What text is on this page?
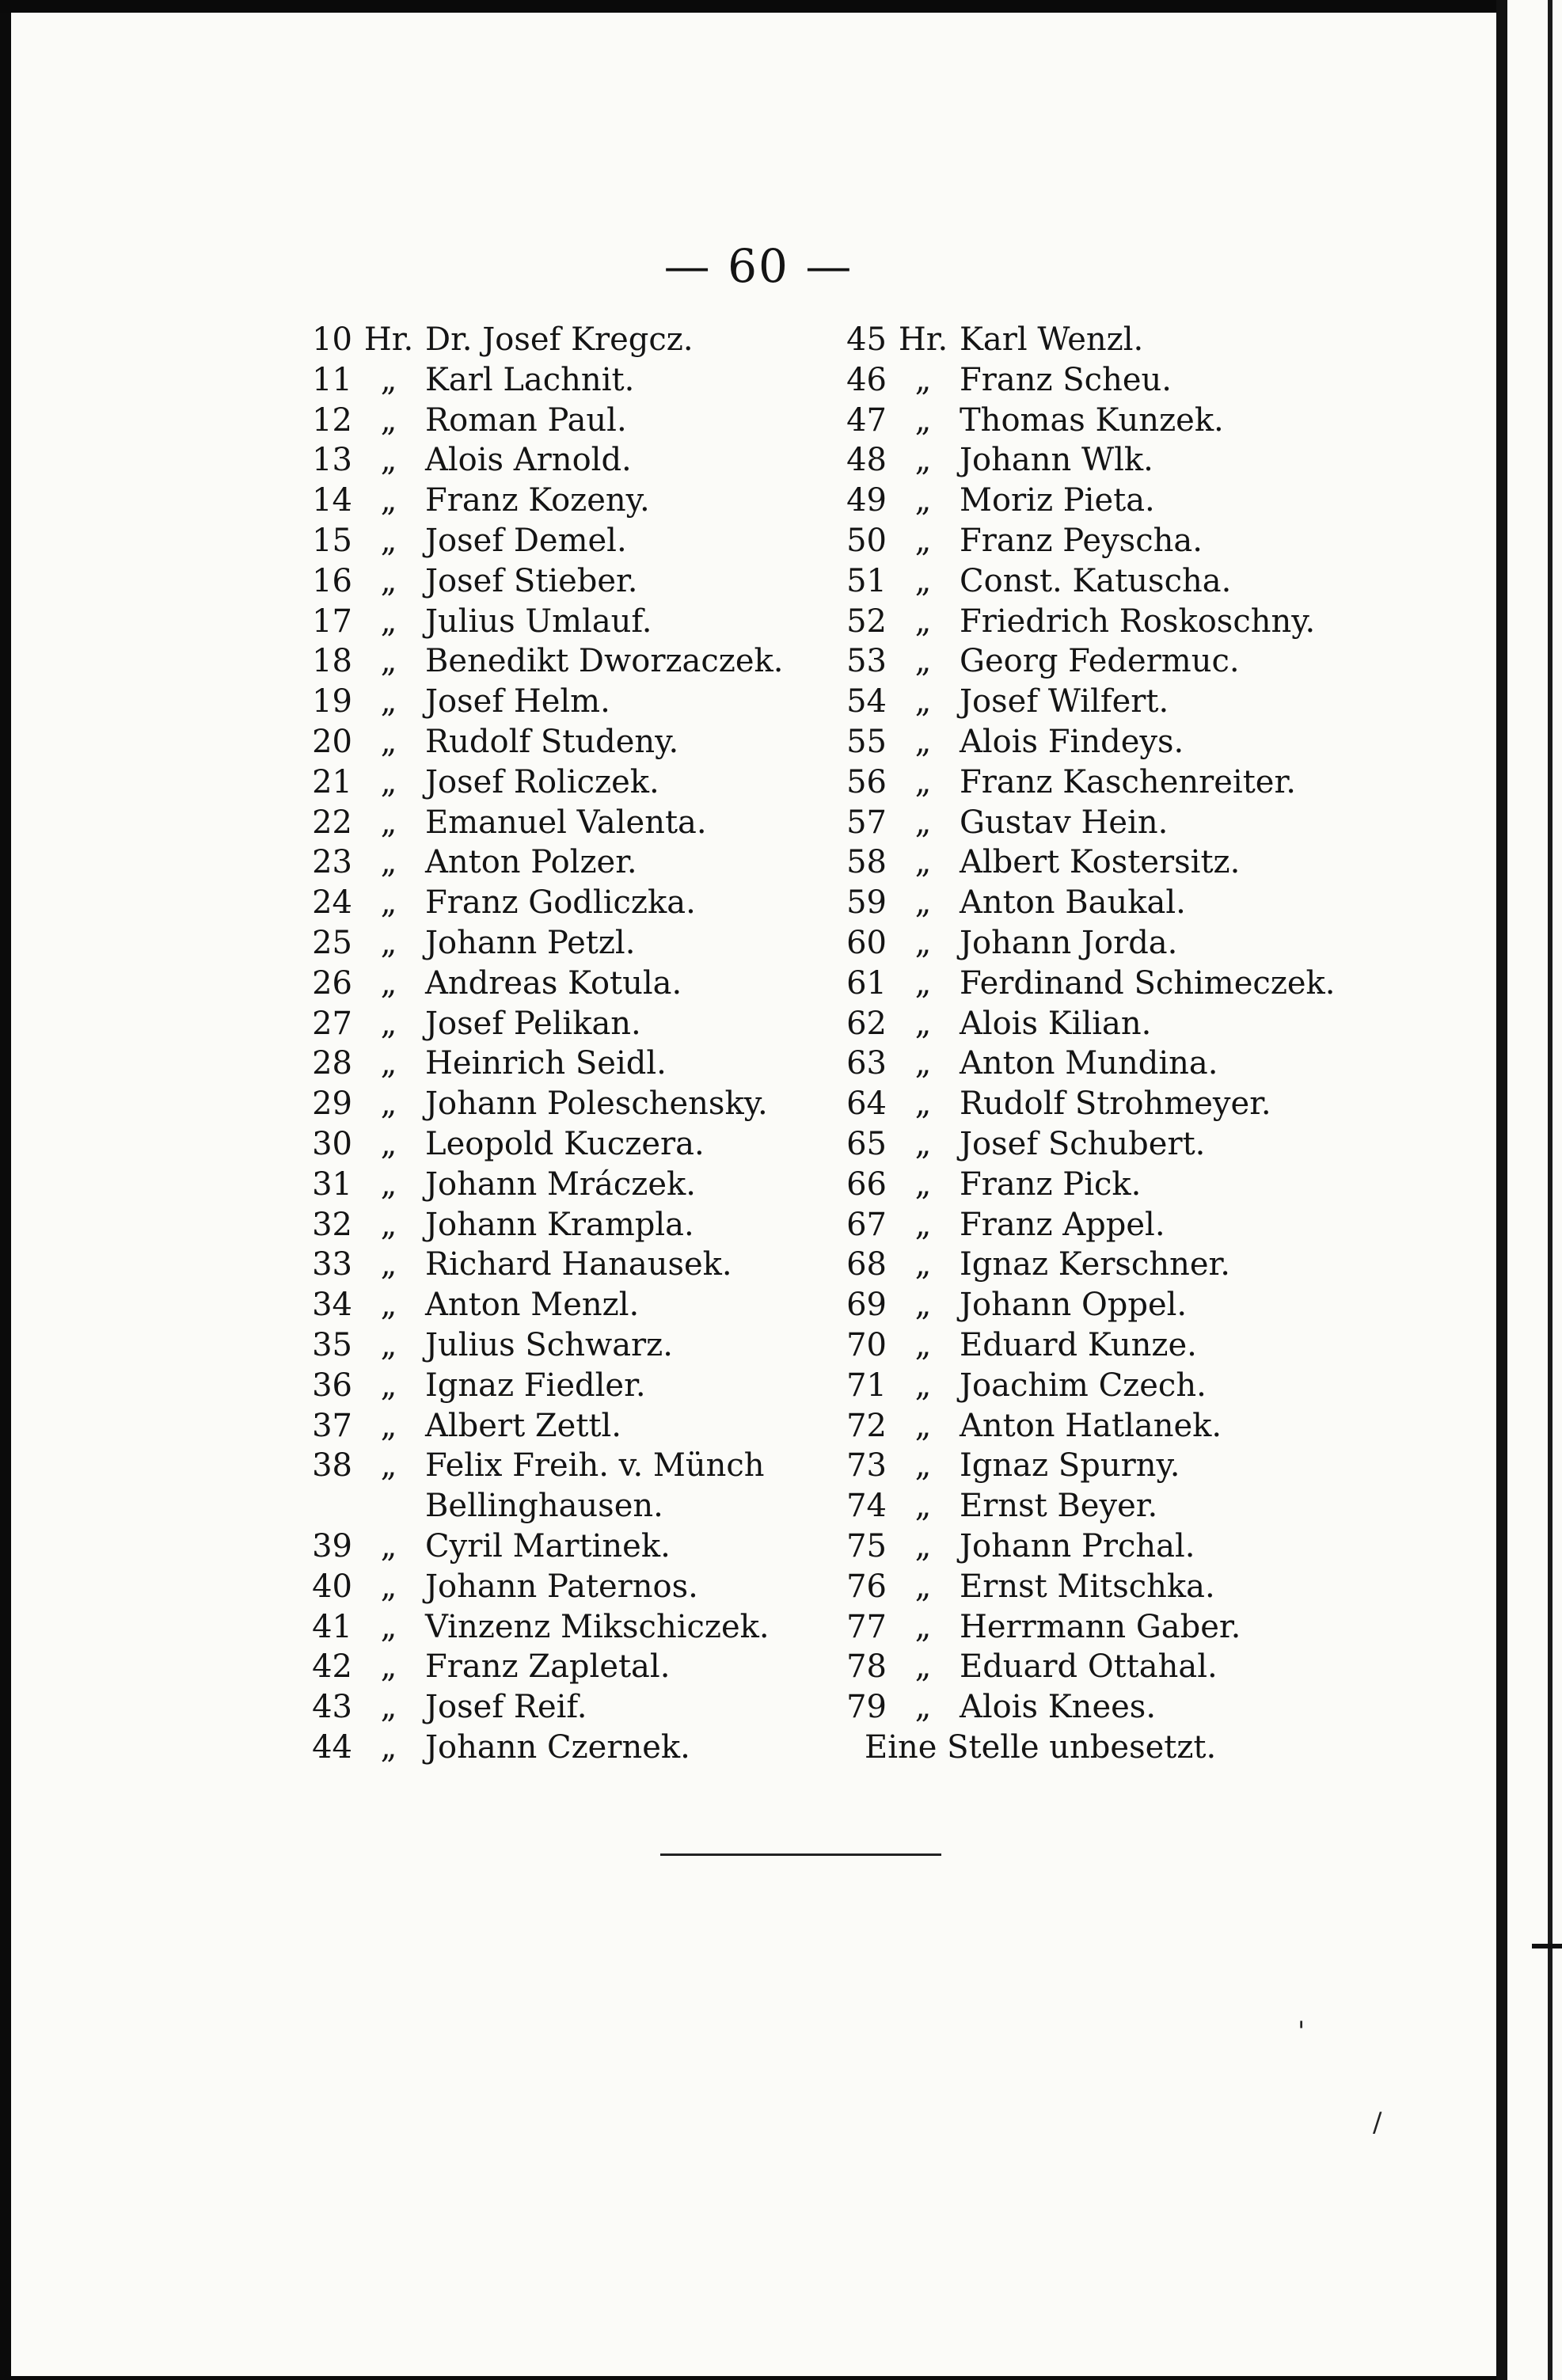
— 60 —
10 Hr. Dr. Josef Kregcz.
11 „ Karl Lachnit.
12 „ Roman Paul.
13 „ Alois Arnold.
14 „ Franz Kozeny.
15 „ Josef Demel.
16 „ Josef Stieber.
17 „ Julius Umlauf.
18 „ Benedikt Dworzaczek.
19 „ Josef Helm.
20 „ Rudolf Studeny.
21 „ Josef Roliczek.
22 „ Emanuel Valenta.
23 „ Anton Polzer.
24 „ Franz Godliczka.
25 „ Johann Petzl.
26 „ Andreas Kotula.
27 „ Josef Pelikan.
28 „ Heinrich Seidl.
29 „ Johann Poleschensky.
30 „ Leopold Kuczera.
31 „ Johann Mráczek.
32 „ Johann Krampla.
33 „ Richard Hanausek.
34 „ Anton Menzl.
35 „ Julius Schwarz.
36 „ Ignaz Fiedler.
37 „ Albert Zettl.
38 „ Felix Freih. v. Münch
Bellinghausen.
39 „ Cyril Martinek.
40 „ Johann Paternos.
41 „ Vinzenz Mikschiczek.
42 „ Franz Zapletal.
43 „ Josef Reif.
44 „ Johann Czernek.
45 Hr. Karl Wenzl.
46 „ Franz Scheu.
47 „ Thomas Kunzek.
48 „ Johann Wlk.
49 „ Moriz Pieta.
50 „ Franz Peyscha.
51 „ Const. Katuscha.
52 „ Friedrich Roskoschny.
53 „ Georg Federmuc.
54 „ Josef Wilfert.
55 „ Alois Findeys.
56 „ Franz Kaschenreiter.
57 „ Gustav Hein.
58 „ Albert Kostersitz.
59 „ Anton Baukal.
60 „ Johann Jorda.
61 „ Ferdinand Schimeczek.
62 „ Alois Kilian.
63 „ Anton Mundina.
64 „ Rudolf Strohmeyer.
65 „ Josef Schubert.
66 „ Franz Pick.
67 „ Franz Appel.
68 „ Ignaz Kerschner.
69 „ Johann Oppel.
70 „ Eduard Kunze.
71 „ Joachim Czech.
72 „ Anton Hatlanek.
73 „ Ignaz Spurny.
74 „ Ernst Beyer.
75 „ Johann Prchal.
76 „ Ernst Mitschka.
77 „ Herrmann Gaber.
78 „ Eduard Ottahal.
79 „ Alois Knees.
Eine Stelle unbesetzt.
'
/
